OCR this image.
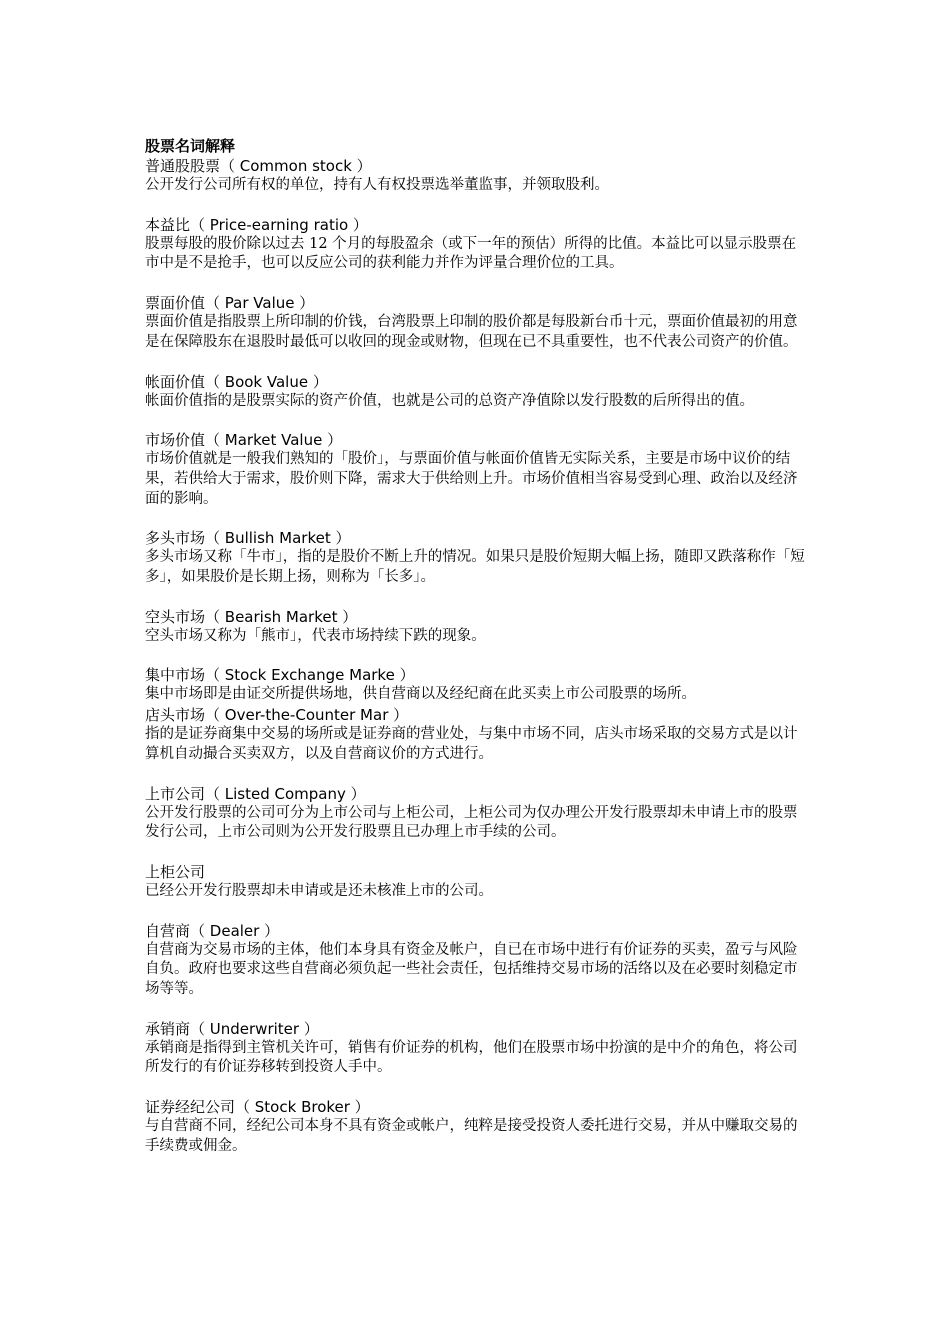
股票名词解释
普通股股票（ Common stock ）

公开发行公司所有权的单位，持有人有权投票选举董监事，并领取股利。

本益比（ Price-earning ratio ）

股票每股的股价除以过去 12 个月的每股盈余（或下一年的预估）所得的比值。本益比可以显示股票在市中是不是抢手，也可以反应公司的获利能力并作为评量合理价位的工具。

票面价值（ Par Value ）

票面价值是指股票上所印制的价钱，台湾股票上印制的股价都是每股新台币十元，票面价值最初的用意是在保障股东在退股时最低可以收回的现金或财物，但现在已不具重要性，也不代表公司资产的价值。

帐面价值（ Book Value ）

帐面价值指的是股票实际的资产价值，也就是公司的总资产净值除以发行股数的后所得出的值。

市场价值（ Market Value ）

市场价值就是一般我们熟知的「股价」，与票面价值与帐面价值皆无实际关系，主要是市场中议价的结果，若供给大于需求，股价则下降，需求大于供给则上升。市场价值相当容易受到心理、政治以及经济面的影响。

多头市场（ Bullish Market ）

多头市场又称「牛市」，指的是股价不断上升的情况。如果只是股价短期大幅上扬，随即又跌落称作「短多」，如果股价是长期上扬，则称为「长多」。

空头市场（ Bearish Market ）

空头市场又称为「熊市」，代表市场持续下跌的现象。

集中市场（ Stock Exchange Marke ）

集中市场即是由证交所提供场地，供自营商以及经纪商在此买卖上市公司股票的场所。

店头市场（ Over-the-Counter Mar ）

指的是证券商集中交易的场所或是证券商的营业处，与集中市场不同，店头市场采取的交易方式是以计算机自动撮合买卖双方，以及自营商议价的方式进行。

上市公司（ Listed Company ）

公开发行股票的公司可分为上市公司与上柜公司，上柜公司为仅办理公开发行股票却未申请上市的股票发行公司，上市公司则为公开发行股票且已办理上市手续的公司。

上柜公司

已经公开发行股票却未申请或是还未核准上市的公司。

自营商（ Dealer ）

自营商为交易市场的主体，他们本身具有资金及帐户，自已在市场中进行有价证券的买卖，盈亏与风险自负。政府也要求这些自营商必须负起一些社会责任，包括维持交易市场的活络以及在必要时刻稳定市场等等。

承销商（ Underwriter ）

承销商是指得到主管机关许可，销售有价证券的机构，他们在股票市场中扮演的是中介的角色，将公司所发行的有价证券移转到投资人手中。

证券经纪公司（ Stock Broker ）

与自营商不同，经纪公司本身不具有资金或帐户，纯粹是接受投资人委托进行交易，并从中赚取交易的手续费或佣金。
